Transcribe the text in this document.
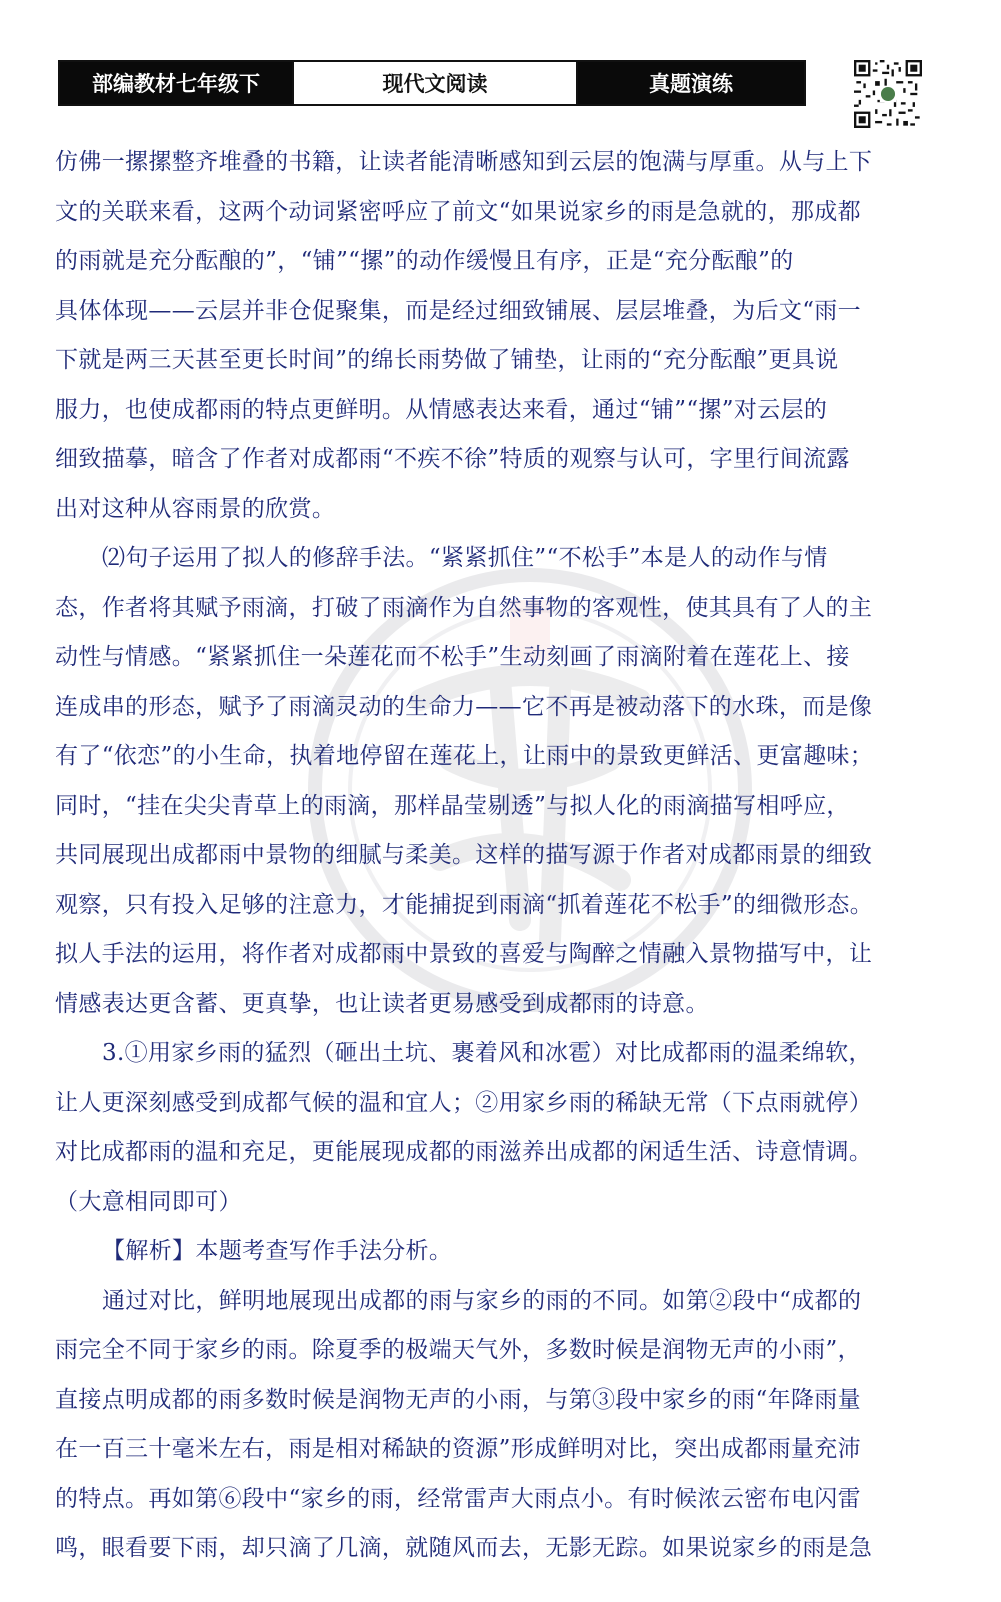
部编教材七年级下	现代文阅读	真题演练
仿佛一摞摞整齐堆叠的书籍，让读者能清晰感知到云层的饱满与厚重。从与上下
文的关联来看，这两个动词紧密呼应了前文“如果说家乡的雨是急就的，那成都
的雨就是充分酝酿的”，“铺”“摞”的动作缓慢且有序，正是“充分酝酿”的
具体体现——云层并非仓促聚集，而是经过细致铺展、层层堆叠，为后文“雨一
下就是两三天甚至更长时间”的绵长雨势做了铺垫，让雨的“充分酝酿”更具说
服力，也使成都雨的特点更鲜明。从情感表达来看，通过“铺”“摞”对云层的
细致描摹，暗含了作者对成都雨“不疾不徐”特质的观察与认可，字里行间流露
出对这种从容雨景的欣赏。
⑵句子运用了拟人的修辞手法。“紧紧抓住”“不松手”本是人的动作与情
态，作者将其赋予雨滴，打破了雨滴作为自然事物的客观性，使其具有了人的主
动性与情感。“紧紧抓住一朵莲花而不松手”生动刻画了雨滴附着在莲花上、接
连成串的形态，赋予了雨滴灵动的生命力——它不再是被动落下的水珠，而是像
有了“依恋”的小生命，执着地停留在莲花上，让雨中的景致更鲜活、更富趣味；
同时，“挂在尖尖青草上的雨滴，那样晶莹剔透”与拟人化的雨滴描写相呼应，
共同展现出成都雨中景物的细腻与柔美。这样的描写源于作者对成都雨景的细致
观察，只有投入足够的注意力，才能捕捉到雨滴“抓着莲花不松手”的细微形态。
拟人手法的运用，将作者对成都雨中景致的喜爱与陶醉之情融入景物描写中，让
情感表达更含蓄、更真挚，也让读者更易感受到成都雨的诗意。
3.①用家乡雨的猛烈（砸出土坑、裹着风和冰雹）对比成都雨的温柔绵软，
让人更深刻感受到成都气候的温和宜人；②用家乡雨的稀缺无常（下点雨就停）
对比成都雨的温和充足，更能展现成都的雨滋养出成都的闲适生活、诗意情调。
（大意相同即可）
【解析】本题考查写作手法分析。
通过对比，鲜明地展现出成都的雨与家乡的雨的不同。如第②段中“成都的
雨完全不同于家乡的雨。除夏季的极端天气外，多数时候是润物无声的小雨”，
直接点明成都的雨多数时候是润物无声的小雨，与第③段中家乡的雨“年降雨量
在一百三十毫米左右，雨是相对稀缺的资源”形成鲜明对比，突出成都雨量充沛
的特点。再如第⑥段中“家乡的雨，经常雷声大雨点小。有时候浓云密布电闪雷
鸣，眼看要下雨，却只滴了几滴，就随风而去，无影无踪。如果说家乡的雨是急
